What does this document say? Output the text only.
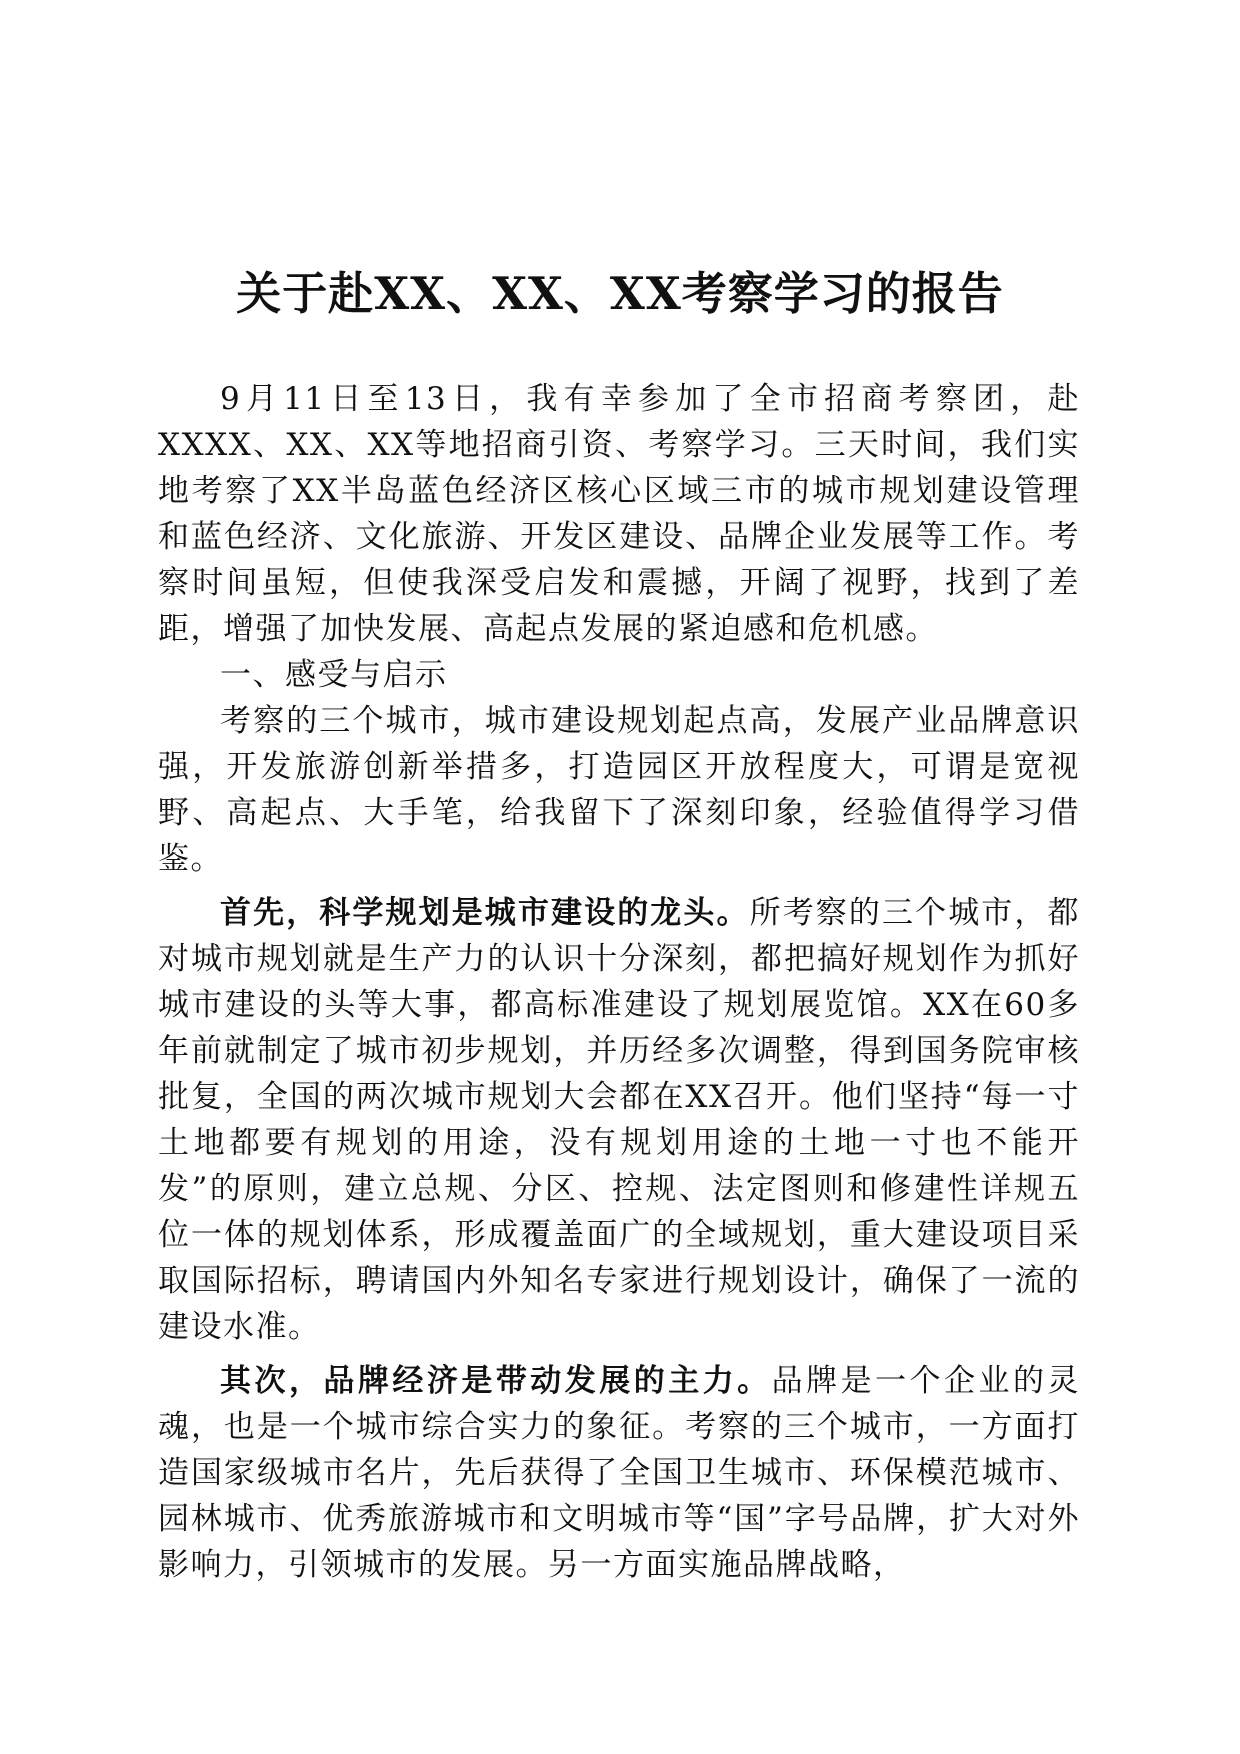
关于赴XX、XX、XX考察学习的报告

9月11日至13日，我有幸参加了全市招商考察团，赴XXXX、XX、XX等地招商引资、考察学习。三天时间，我们实地考察了XX半岛蓝色经济区核心区域三市的城市规划建设管理和蓝色经济、文化旅游、开发区建设、品牌企业发展等工作。考察时间虽短，但使我深受启发和震撼，开阔了视野，找到了差距，增强了加快发展、高起点发展的紧迫感和危机感。

一、感受与启示

考察的三个城市，城市建设规划起点高，发展产业品牌意识强，开发旅游创新举措多，打造园区开放程度大，可谓是宽视野、高起点、大手笔，给我留下了深刻印象，经验值得学习借鉴。

首先，科学规划是城市建设的龙头。所考察的三个城市，都对城市规划就是生产力的认识十分深刻，都把搞好规划作为抓好城市建设的头等大事，都高标准建设了规划展览馆。XX在60多年前就制定了城市初步规划，并历经多次调整，得到国务院审核批复，全国的两次城市规划大会都在XX召开。他们坚持“每一寸土地都要有规划的用途，没有规划用途的土地一寸也不能开发”的原则，建立总规、分区、控规、法定图则和修建性详规五位一体的规划体系，形成覆盖面广的全域规划，重大建设项目采取国际招标，聘请国内外知名专家进行规划设计，确保了一流的建设水准。

其次，品牌经济是带动发展的主力。品牌是一个企业的灵魂，也是一个城市综合实力的象征。考察的三个城市，一方面打造国家级城市名片，先后获得了全国卫生城市、环保模范城市、园林城市、优秀旅游城市和文明城市等“国”字号品牌，扩大对外影响力，引领城市的发展。另一方面实施品牌战略，
